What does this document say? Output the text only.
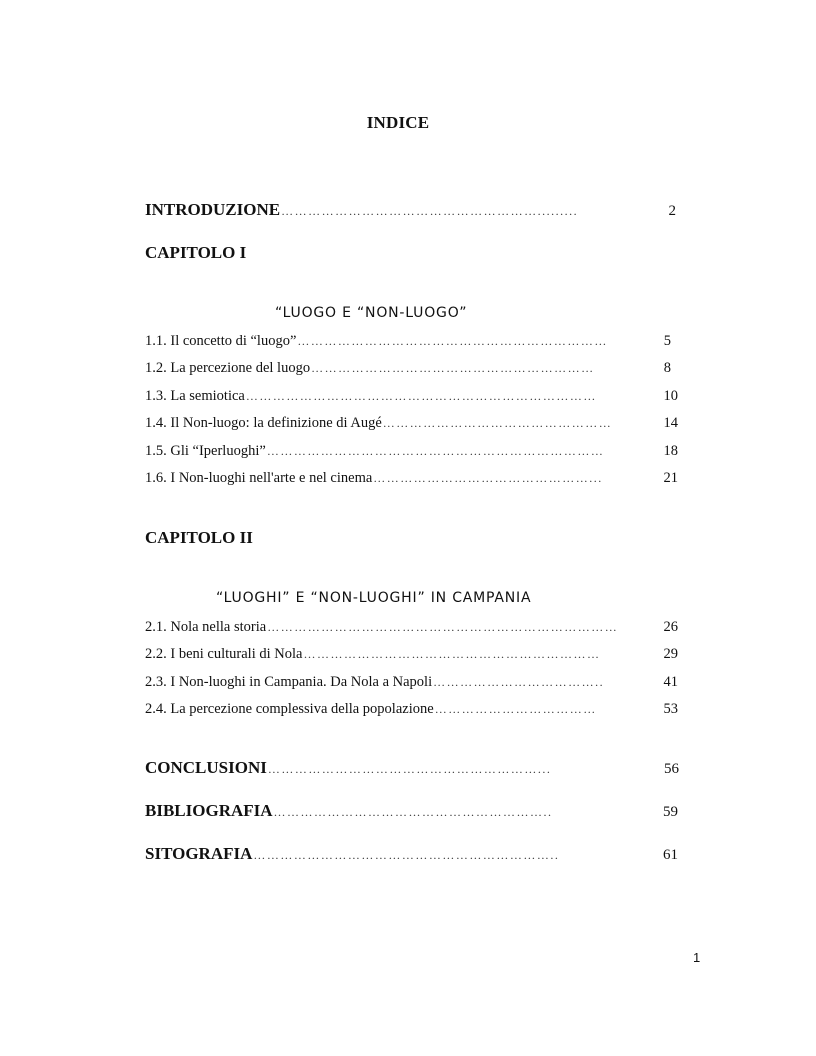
INDICE
INTRODUZIONE ………………………………………………….........	2
CAPITOLO I
“LUOGO E “NON-LUOGO”
1.1. Il concetto di “luogo” ……………………………………………………………	5
1.2. La percezione del luogo ………………………………………………………	8
1.3. La semiotica ……………………………………………………………………	10
1.4. Il Non-luogo: la definizione di Augé ……………………………………………	14
1.5. Gli “Iperluoghi” …………………………………………………………………	18
1.6. I Non-luoghi nell'arte e nel cinema …………………………………………...	21
CAPITOLO II
“LUOGHI” E “NON-LUOGHI” IN CAMPANIA
2.1. Nola nella storia ……………………………………………………………………	26
2.2. I beni culturali di Nola …………………………………………………………	29
2.3. I Non-luoghi in Campania. Da Nola a Napoli ………………………………..	41
2.4. La percezione complessiva della popolazione ………………………………	53
CONCLUSIONI ……………………………………………………...	56
BIBLIOGRAFIA ……………………………………………………..	59
SITOGRAFIA …………………………………………………………..	61
1
